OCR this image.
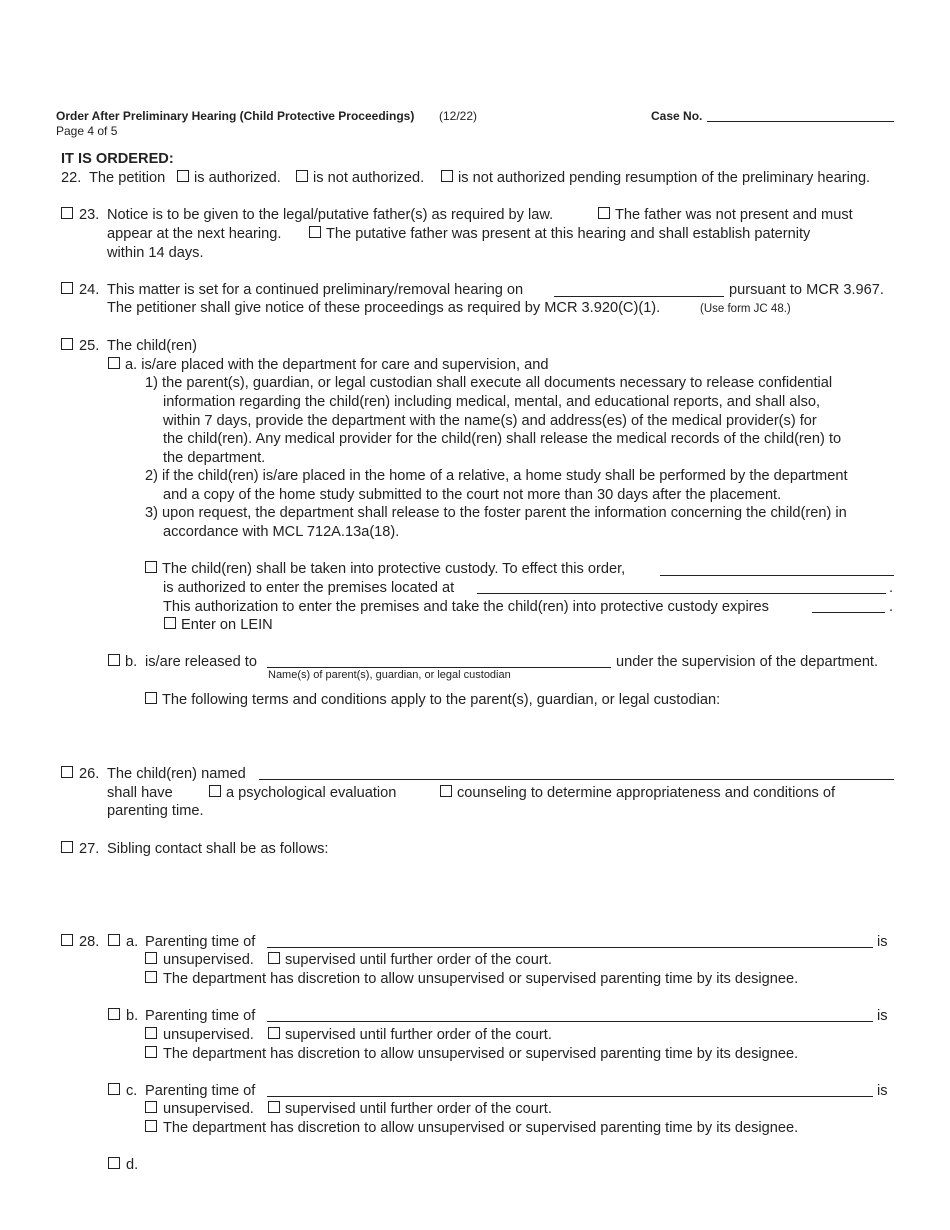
Order After Preliminary Hearing (Child Protective Proceedings) (12/22)
Page 4 of 5
Case No.
IT IS ORDERED:
22. The petition is authorized. is not authorized. is not authorized pending resumption of the preliminary hearing.
23. Notice is to be given to the legal/putative father(s) as required by law.	The father was not present and must
appear at the next hearing.	The putative father was present at this hearing and shall establish paternity
within 14 days.
24. This matter is set for a continued preliminary/removal hearing on	pursuant to MCR 3.967.
The petitioner shall give notice of these proceedings as required by MCR 3.920(C)(1).	(Use form JC 48.)
25. The child(ren)
a. is/are placed with the department for care and supervision, and
1) the parent(s), guardian, or legal custodian shall execute all documents necessary to release confidential
information regarding the child(ren) including medical, mental, and educational reports, and shall also,
within 7 days, provide the department with the name(s) and address(es) of the medical provider(s) for
the child(ren). Any medical provider for the child(ren) shall release the medical records of the child(ren) to
the department.
2) if the child(ren) is/are placed in the home of a relative, a home study shall be performed by the department
and a copy of the home study submitted to the court not more than 30 days after the placement.
3) upon request, the department shall release to the foster parent the information concerning the child(ren) in
accordance with MCL 712A.13a(18).
The child(ren) shall be taken into protective custody. To effect this order,
is authorized to enter the premises located at	.
This authorization to enter the premises and take the child(ren) into protective custody expires	.
Enter on LEIN
b. is/are released to	under the supervision of the department.
Name(s) of parent(s), guardian, or legal custodian
The following terms and conditions apply to the parent(s), guardian, or legal custodian:
26. The child(ren) named
shall have	a psychological evaluation	counseling to determine appropriateness and conditions of
parenting time.
27. Sibling contact shall be as follows:
28. a. Parenting time of	is
unsupervised. supervised until further order of the court.
The department has discretion to allow unsupervised or supervised parenting time by its designee.
b. Parenting time of	is
unsupervised. supervised until further order of the court.
The department has discretion to allow unsupervised or supervised parenting time by its designee.
c. Parenting time of	is
unsupervised. supervised until further order of the court.
The department has discretion to allow unsupervised or supervised parenting time by its designee.
d.
